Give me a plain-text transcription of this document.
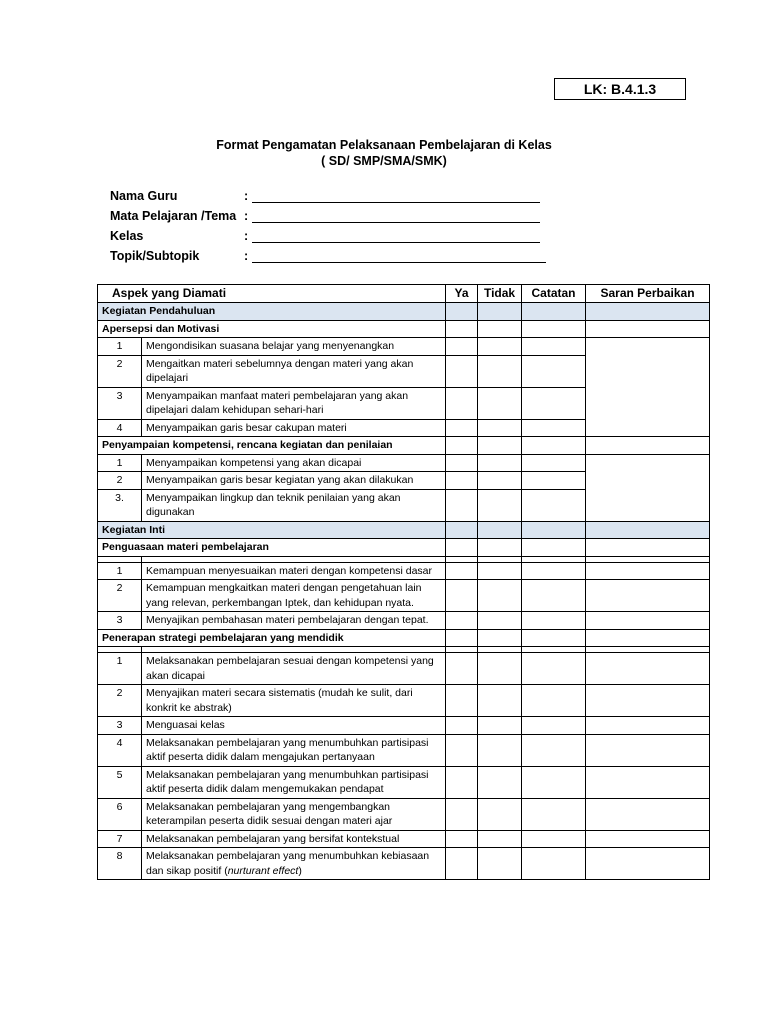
LK: B.4.1.3
Format Pengamatan Pelaksanaan Pembelajaran di Kelas
( SD/ SMP/SMA/SMK)
Nama Guru	:
Mata Pelajaran /Tema :
Kelas	:
Topik/Subtopik	:
Aspek yang Diamati		Ya	Tidak	Catatan	Saran Perbaikan
Kegiatan Pendahuluan					
Apersepsi dan Motivasi					
1	Mengondisikan suasana belajar yang menyenangkan				
2	Mengaitkan materi sebelumnya dengan materi yang akan dipelajari				
3	Menyampaikan manfaat materi pembelajaran yang akan dipelajari dalam kehidupan sehari-hari				
4	Menyampaikan garis besar cakupan materi				
Penyampaian kompetensi, rencana kegiatan dan penilaian					
1	Menyampaikan kompetensi yang akan dicapai				
2	Menyampaikan garis besar kegiatan yang akan dilakukan				
3.	Menyampaikan lingkup dan teknik penilaian yang akan digunakan				
Kegiatan Inti					
Penguasaan materi pembelajaran					

1	Kemampuan menyesuaikan materi dengan kompetensi dasar				
2	Kemampuan mengkaitkan materi dengan pengetahuan lain yang relevan, perkembangan Iptek, dan kehidupan nyata.				
3	Menyajikan pembahasan materi pembelajaran dengan tepat.				
Penerapan strategi pembelajaran yang mendidik					

1	Melaksanakan pembelajaran sesuai dengan kompetensi yang akan dicapai				
2	Menyajikan materi secara sistematis (mudah ke sulit, dari konkrit ke abstrak)				
3	Menguasai kelas				
4	Melaksanakan pembelajaran yang menumbuhkan partisipasi aktif peserta didik dalam mengajukan pertanyaan				
5	Melaksanakan pembelajaran yang menumbuhkan partisipasi aktif peserta didik dalam mengemukakan pendapat				
6	Melaksanakan pembelajaran yang mengembangkan keterampilan peserta didik sesuai dengan materi ajar				
7	Melaksanakan pembelajaran yang bersifat kontekstual				
8	Melaksanakan pembelajaran yang menumbuhkan kebiasaan dan sikap positif (nurturant effect)				
